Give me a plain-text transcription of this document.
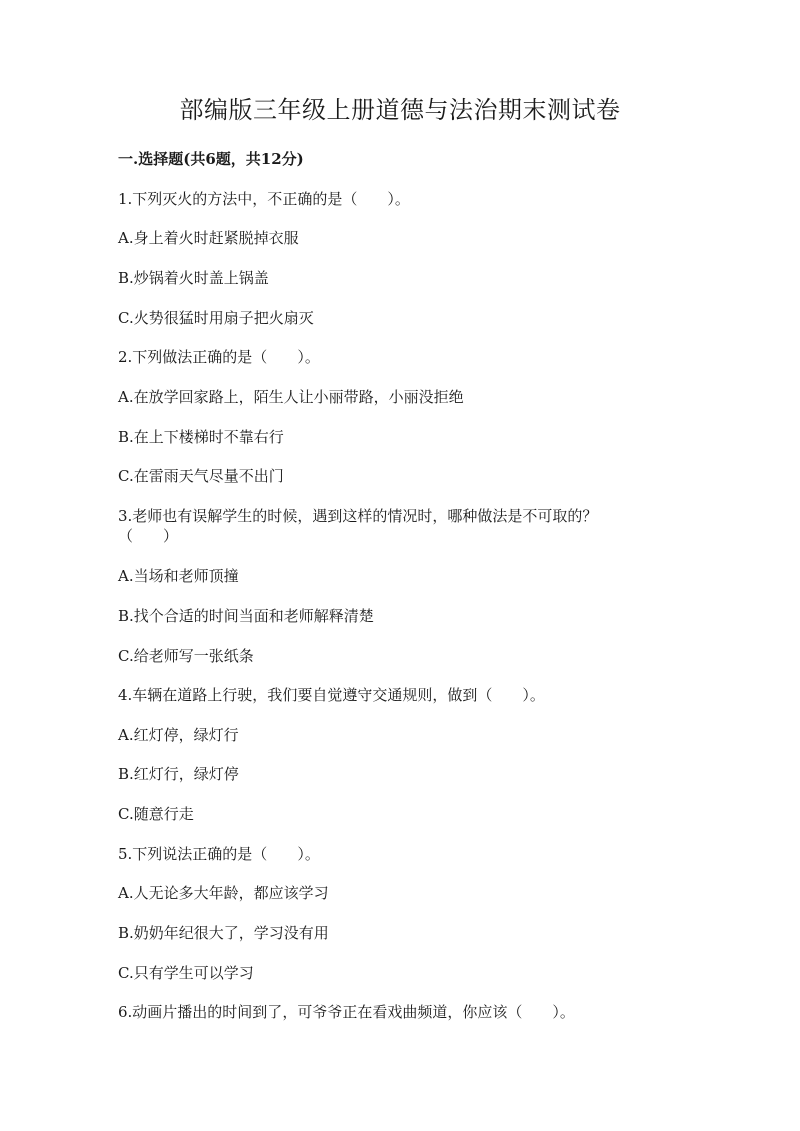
部编版三年级上册道德与法治期末测试卷
一.选择题(共6题，共12分)
1.下列灭火的方法中，不正确的是（　　）。
A.身上着火时赶紧脱掉衣服
B.炒锅着火时盖上锅盖
C.火势很猛时用扇子把火扇灭
2.下列做法正确的是（　　）。
A.在放学回家路上，陌生人让小丽带路，小丽没拒绝
B.在上下楼梯时不靠右行
C.在雷雨天气尽量不出门
3.老师也有误解学生的时候，遇到这样的情况时，哪种做法是不可取的？
（　　）
A.当场和老师顶撞
B.找个合适的时间当面和老师解释清楚
C.给老师写一张纸条
4.车辆在道路上行驶，我们要自觉遵守交通规则，做到（　　）。
A.红灯停，绿灯行
B.红灯行，绿灯停
C.随意行走
5.下列说法正确的是（　　）。
A.人无论多大年龄，都应该学习
B.奶奶年纪很大了，学习没有用
C.只有学生可以学习
6.动画片播出的时间到了，可爷爷正在看戏曲频道，你应该（　　）。
